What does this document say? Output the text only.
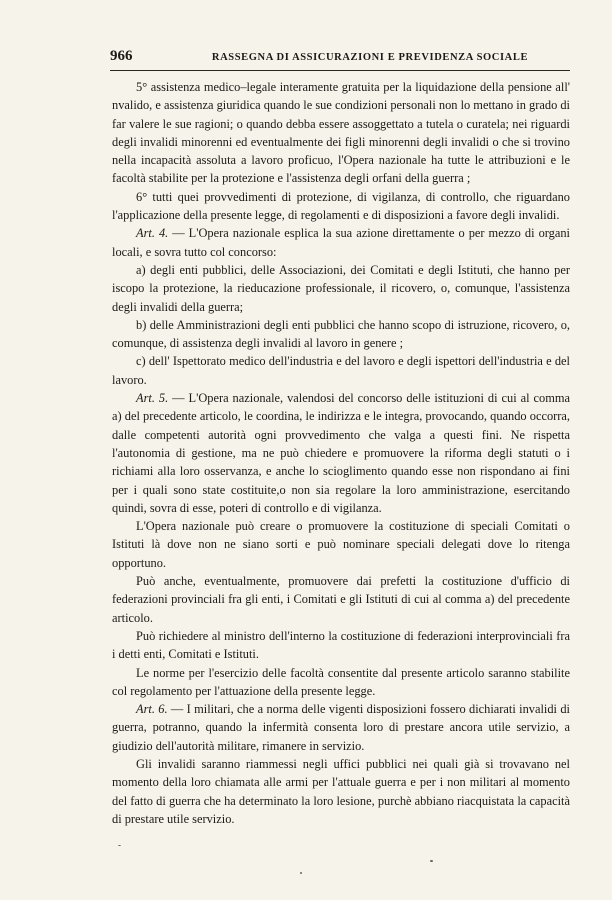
966	RASSEGNA DI ASSICURAZIONI E PREVIDENZA SOCIALE

5° assistenza medico–legale interamente gratuita per la liquidazione della pensione all' nvalido, e assistenza giuridica quando le sue condizioni personali non lo mettano in grado di far valere le sue ragioni; o quando debba essere assoggettato a tutela o curatela; nei riguardi degli invalidi minorenni ed eventualmente dei figli minorenni degli invalidi o che si trovino nella incapacità assoluta a lavoro proficuo, l'Opera nazionale ha tutte le attribuzioni e le facoltà stabilite per la protezione e l'assistenza degli orfani della guerra ;

6° tutti quei provvedimenti di protezione, di vigilanza, di controllo, che riguardano l'applicazione della presente legge, di regolamenti e di disposizioni a favore degli invalidi.

Art. 4. — L'Opera nazionale esplica la sua azione direttamente o per mezzo di organi locali, e sovra tutto col concorso:

a) degli enti pubblici, delle Associazioni, dei Comitati e degli Istituti, che hanno per iscopo la protezione, la rieducazione professionale, il ricovero, o, comunque, l'assistenza degli invalidi della guerra;

b) delle Amministrazioni degli enti pubblici che hanno scopo di istruzione, ricovero, o, comunque, di assistenza degli invalidi al lavoro in genere ;

c) dell' Ispettorato medico dell'industria e del lavoro e degli ispettori dell'industria e del lavoro.

Art. 5. — L'Opera nazionale, valendosi del concorso delle istituzioni di cui al comma a) del precedente articolo, le coordina, le indirizza e le integra, provocando, quando occorra, dalle competenti autorità ogni provvedimento che valga a questi fini. Ne rispetta l'autonomia di gestione, ma ne può chiedere e promuovere la riforma degli statuti o i richiami alla loro osservanza, e anche lo scioglimento quando esse non rispondano ai fini per i quali sono state costituite,o non sia regolare la loro amministrazione, esercitando quindi, sovra di esse, poteri di controllo e di vigilanza.

L'Opera nazionale può creare o promuovere la costituzione di speciali Comitati o Istituti là dove non ne siano sorti e può nominare speciali delegati dove lo ritenga opportuno.

Può anche, eventualmente, promuovere dai prefetti la costituzione d'ufficio di federazioni provinciali fra gli enti, i Comitati e gli Istituti di cui al comma a) del precedente articolo.

Può richiedere al ministro dell'interno la costituzione di federazioni interprovinciali fra i detti enti, Comitati e Istituti.

Le norme per l'esercizio delle facoltà consentite dal presente articolo saranno stabilite col regolamento per l'attuazione della presente legge.

Art. 6. — I militari, che a norma delle vigenti disposizioni fossero dichiarati invalidi di guerra, potranno, quando la infermità consenta loro di prestare ancora utile servizio, a giudizio dell'autorità militare, rimanere in servizio.

Gli invalidi saranno riammessi negli uffici pubblici nei quali già si trovavano nel momento della loro chiamata alle armi per l'attuale guerra e per i non militari al momento del fatto di guerra che ha determinato la loro lesione, purchè abbiano riacquistata la capacità di prestare utile servizio.
